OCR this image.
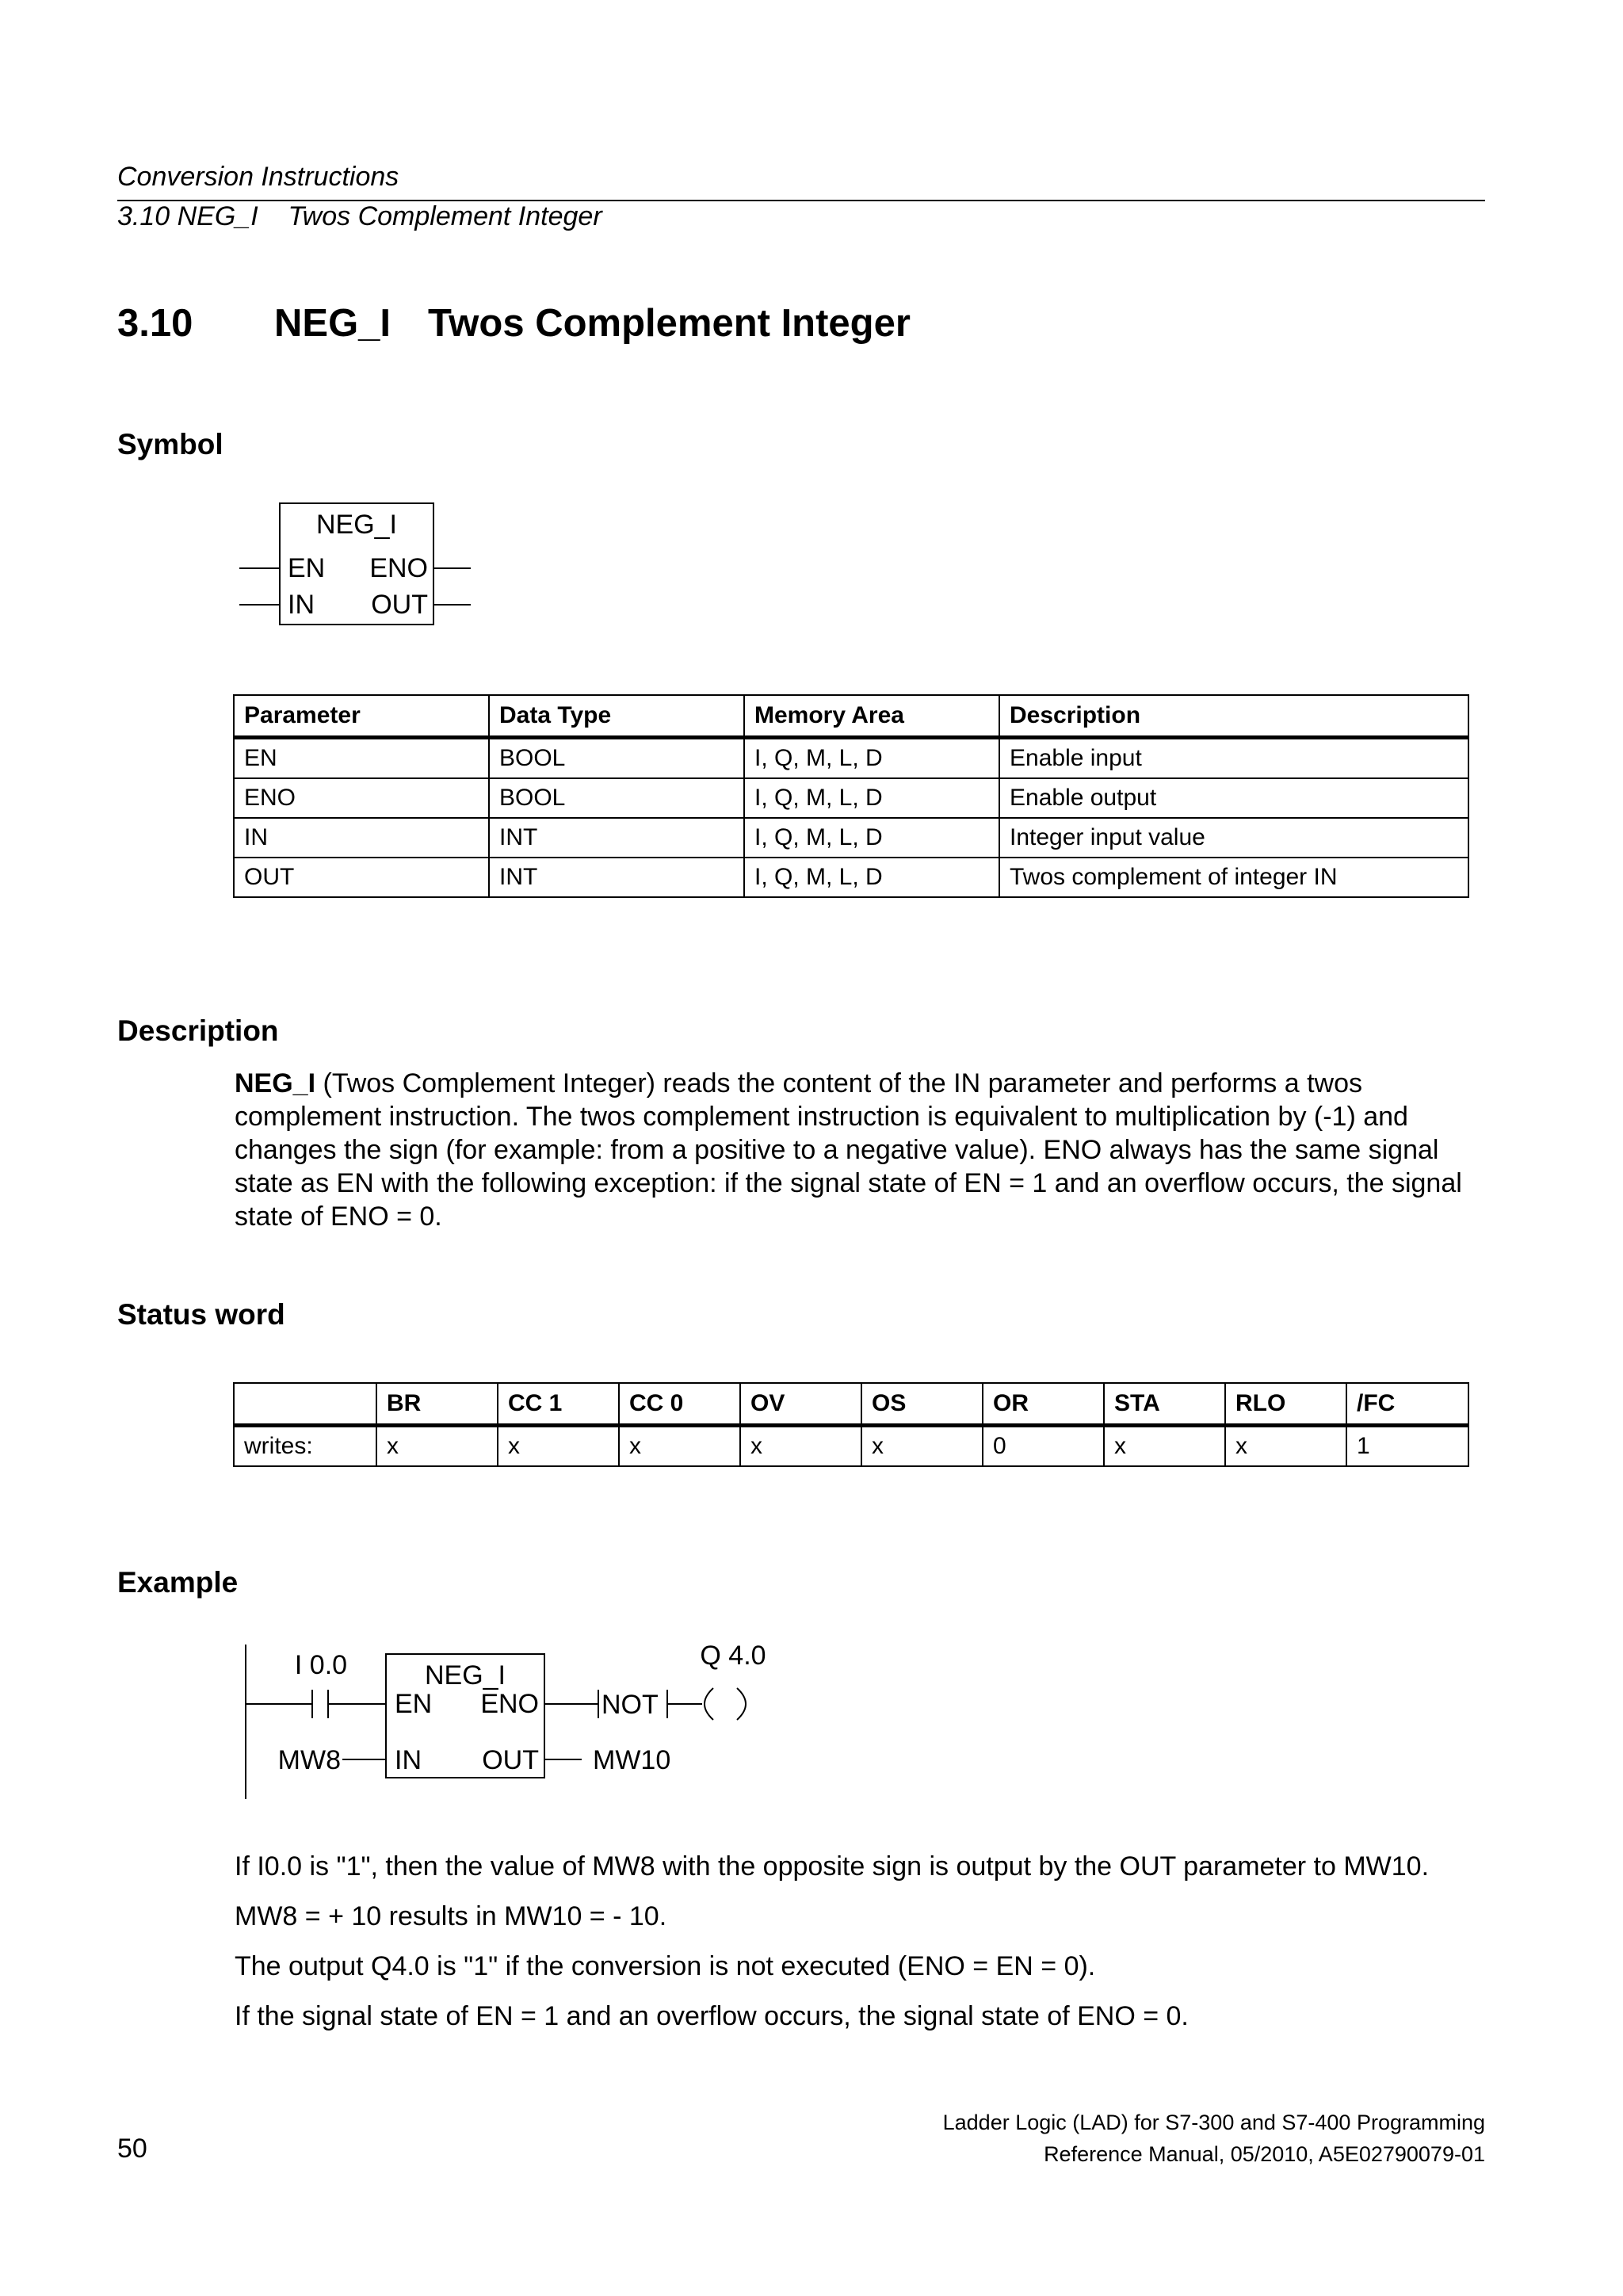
Conversion Instructions
3.10 NEG_I    Twos Complement Integer
3.10 NEG_I Twos Complement Integer
Symbol
NEG_I
EN ENO
IN OUT
Parameter	Data Type	Memory Area	Description
EN	BOOL	I, Q, M, L, D	Enable input
ENO	BOOL	I, Q, M, L, D	Enable output
IN	INT	I, Q, M, L, D	Integer input value
OUT	INT	I, Q, M, L, D	Twos complement of integer IN
Description
NEG_I (Twos Complement Integer) reads the content of the IN parameter and performs a twos complement instruction. The twos complement instruction is equivalent to multiplication by (-1) and changes the sign (for example: from a positive to a negative value). ENO always has the same signal state as EN with the following exception: if the signal state of EN = 1 and an overflow occurs, the signal state of ENO = 0.
Status word
	BR	CC 1	CC 0	OV	OS	OR	STA	RLO	/FC
writes:	x	x	x	x	x	0	x	x	1
Example
I 0.0	NEG_I
EN ENO
IN OUT
MW8	MW10
NOT
Q 4.0
If I0.0 is "1", then the value of MW8 with the opposite sign is output by the OUT parameter to MW10.
MW8 = + 10 results in MW10 = - 10.
The output Q4.0 is "1" if the conversion is not executed (ENO = EN = 0).
If the signal state of EN = 1 and an overflow occurs, the signal state of ENO = 0.
50
Ladder Logic (LAD) for S7-300 and S7-400 Programming
Reference Manual, 05/2010, A5E02790079-01
